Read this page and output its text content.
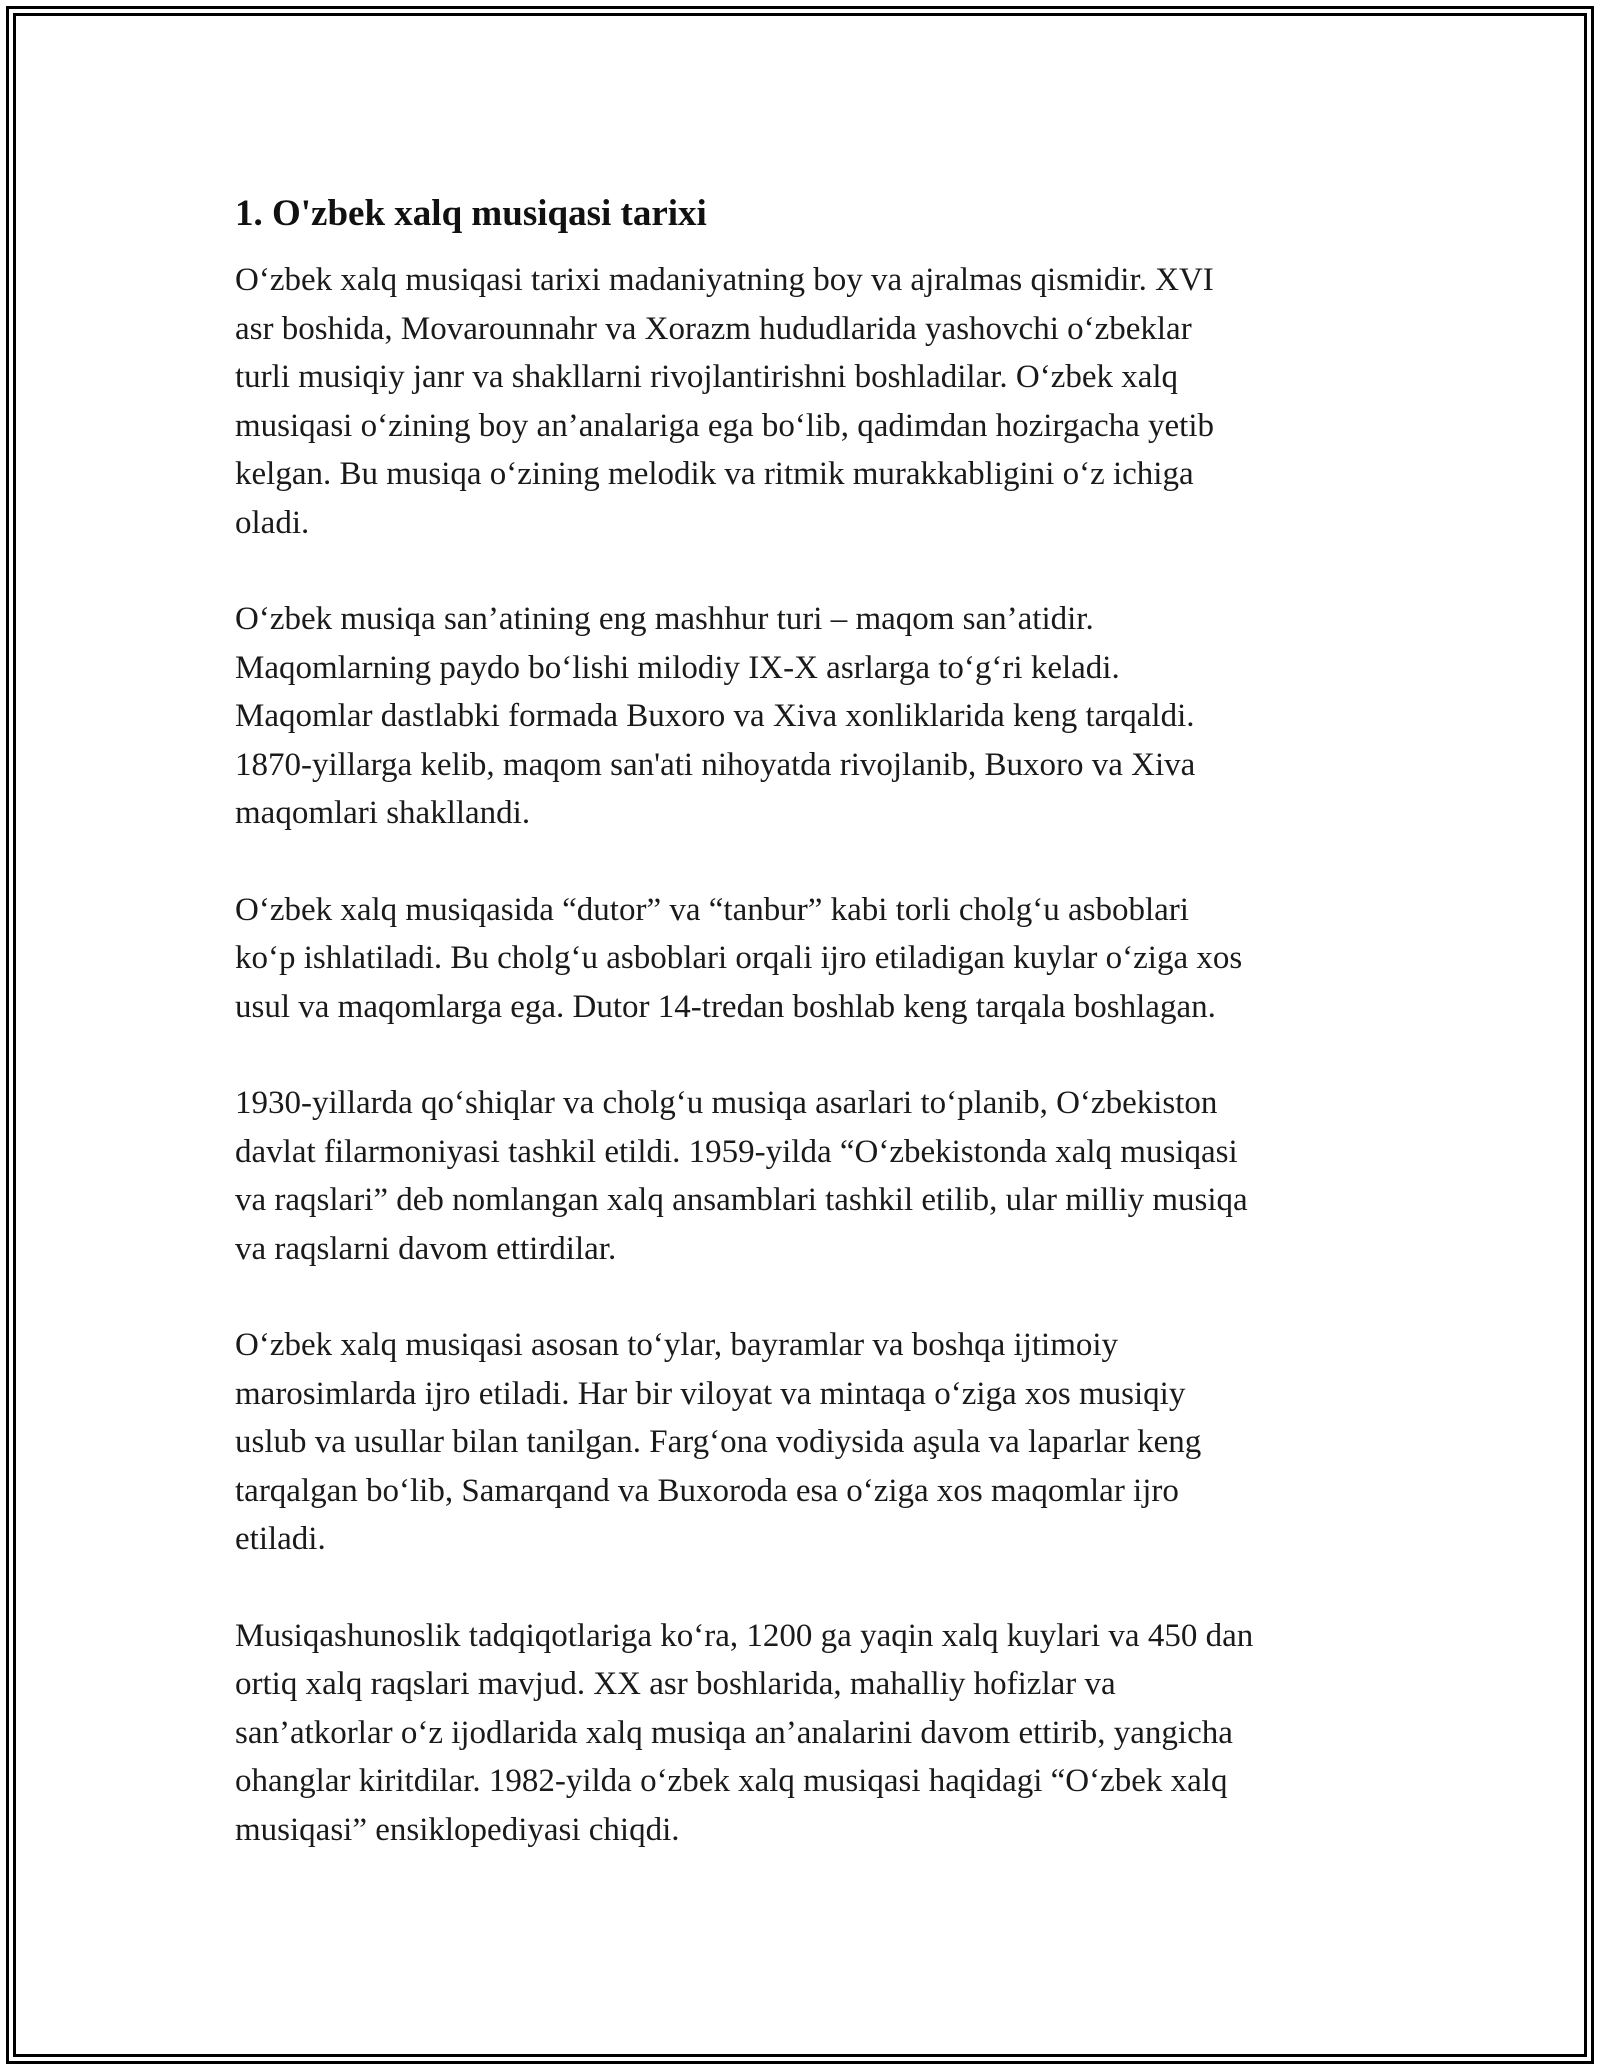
1. O'zbek xalq musiqasi tarixi

O‘zbek xalq musiqasi tarixi madaniyatning boy va ajralmas qismidir. XVI
asr boshida, Movarounnahr va Xorazm hududlarida yashovchi o‘zbeklar
turli musiqiy janr va shakllarni rivojlantirishni boshladilar. O‘zbek xalq
musiqasi o‘zining boy an’analariga ega bo‘lib, qadimdan hozirgacha yetib
kelgan. Bu musiqa o‘zining melodik va ritmik murakkabligini o‘z ichiga
oladi.

O‘zbek musiqa san’atining eng mashhur turi – maqom san’atidir.
Maqomlarning paydo bo‘lishi milodiy IX-X asrlarga to‘g‘ri keladi.
Maqomlar dastlabki formada Buxoro va Xiva xonliklarida keng tarqaldi.
1870-yillarga kelib, maqom san'ati nihoyatda rivojlanib, Buxoro va Xiva
maqomlari shakllandi.

O‘zbek xalq musiqasida “dutor” va “tanbur” kabi torli cholg‘u asboblari
ko‘p ishlatiladi. Bu cholg‘u asboblari orqali ijro etiladigan kuylar o‘ziga xos
usul va maqomlarga ega. Dutor 14-tredan boshlab keng tarqala boshlagan.

1930-yillarda qo‘shiqlar va cholg‘u musiqa asarlari to‘planib, O‘zbekiston
davlat filarmoniyasi tashkil etildi. 1959-yilda “O‘zbekistonda xalq musiqasi
va raqslari” deb nomlangan xalq ansamblari tashkil etilib, ular milliy musiqa
va raqslarni davom ettirdilar.

O‘zbek xalq musiqasi asosan to‘ylar, bayramlar va boshqa ijtimoiy
marosimlarda ijro etiladi. Har bir viloyat va mintaqa o‘ziga xos musiqiy
uslub va usullar bilan tanilgan. Farg‘ona vodiysida aşula va laparlar keng
tarqalgan bo‘lib, Samarqand va Buxoroda esa o‘ziga xos maqomlar ijro
etiladi.

Musiqashunoslik tadqiqotlariga ko‘ra, 1200 ga yaqin xalq kuylari va 450 dan
ortiq xalq raqslari mavjud. XX asr boshlarida, mahalliy hofizlar va
san’atkorlar o‘z ijodlarida xalq musiqa an’analarini davom ettirib, yangicha
ohanglar kiritdilar. 1982-yilda o‘zbek xalq musiqasi haqidagi “O‘zbek xalq
musiqasi” ensiklopediyasi chiqdi.
